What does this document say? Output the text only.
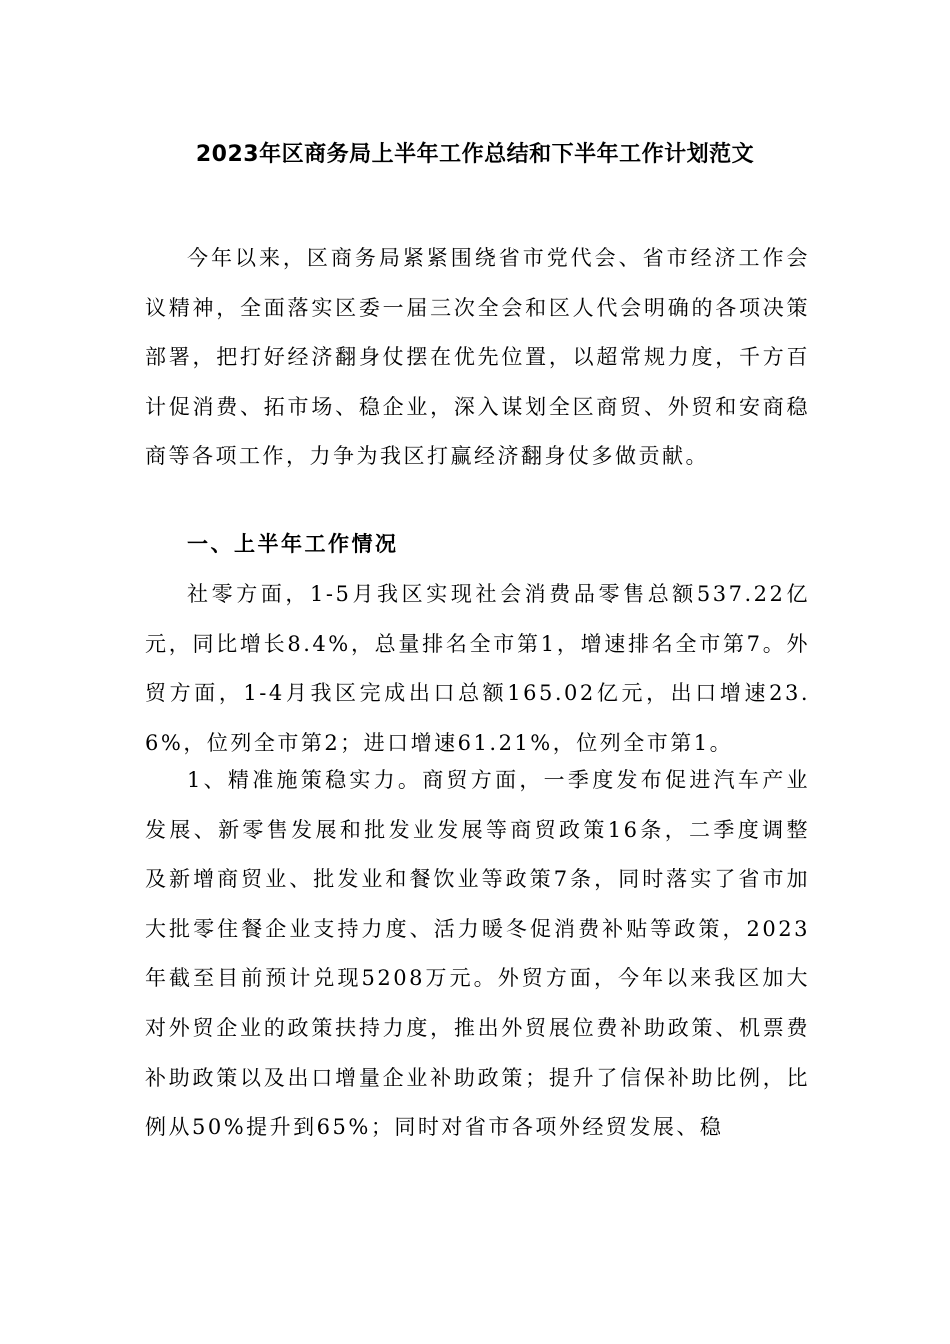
2023年区商务局上半年工作总结和下半年工作计划范文

今年以来，区商务局紧紧围绕省市党代会、省市经济工作会议精神，全面落实区委一届三次全会和区人代会明确的各项决策部署，把打好经济翻身仗摆在优先位置，以超常规力度，千方百计促消费、拓市场、稳企业，深入谋划全区商贸、外贸和安商稳商等各项工作，力争为我区打赢经济翻身仗多做贡献。

一、上半年工作情况

社零方面，1-5月我区实现社会消费品零售总额537.22亿元，同比增长8.4%，总量排名全市第1，增速排名全市第7。外贸方面，1-4月我区完成出口总额165.02亿元，出口增速23.6%，位列全市第2；进口增速61.21%，位列全市第1。

1、精准施策稳实力。商贸方面，一季度发布促进汽车产业发展、新零售发展和批发业发展等商贸政策16条，二季度调整及新增商贸业、批发业和餐饮业等政策7条，同时落实了省市加大批零住餐企业支持力度、活力暖冬促消费补贴等政策，2023年截至目前预计兑现5208万元。外贸方面，今年以来我区加大对外贸企业的政策扶持力度，推出外贸展位费补助政策、机票费补助政策以及出口增量企业补助政策；提升了信保补助比例，比例从50%提升到65%；同时对省市各项外经贸发展、稳
